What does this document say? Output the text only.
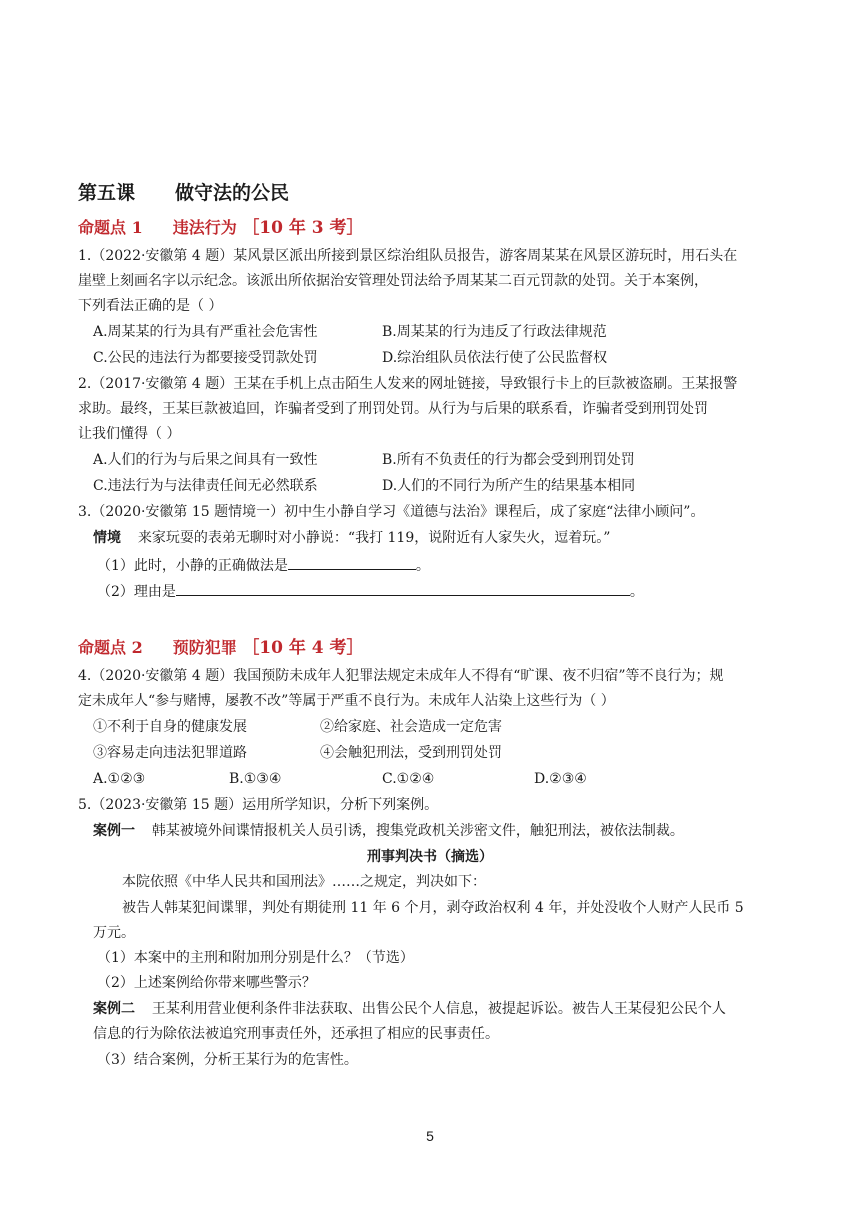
第五课 做守法的公民
命题点 1 违法行为 ［10 年 3 考］
1.（2022·安徽第 4 题）某风景区派出所接到景区综治组队员报告，游客周某某在风景区游玩时，用石头在
崖壁上刻画名字以示纪念。该派出所依据治安管理处罚法给予周某某二百元罚款的处罚。关于本案例，
下列看法正确的是（ ）
A.周某某的行为具有严重社会危害性	B.周某某的行为违反了行政法律规范
C.公民的违法行为都要接受罚款处罚	D.综治组队员依法行使了公民监督权
2.（2017·安徽第 4 题）王某在手机上点击陌生人发来的网址链接，导致银行卡上的巨款被盗刷。王某报警
求助。最终，王某巨款被追回，诈骗者受到了刑罚处罚。从行为与后果的联系看，诈骗者受到刑罚处罚
让我们懂得（ ）
A.人们的行为与后果之间具有一致性	B.所有不负责任的行为都会受到刑罚处罚
C.违法行为与法律责任间无必然联系	D.人们的不同行为所产生的结果基本相同
3.（2020·安徽第 15 题情境一）初中生小静自学习《道德与法治》课程后，成了家庭“法律小顾问”。
情境 来家玩耍的表弟无聊时对小静说：“我打 119，说附近有人家失火，逗着玩。”
（1）此时，小静的正确做法是	。
（2）理由是	。
命题点 2 预防犯罪 ［10 年 4 考］
4.（2020·安徽第 4 题）我国预防未成年人犯罪法规定未成年人不得有“旷课、夜不归宿”等不良行为；规
定未成年人“参与赌博，屡教不改”等属于严重不良行为。未成年人沾染上这些行为（ ）
①不利于自身的健康发展	②给家庭、社会造成一定危害
③容易走向违法犯罪道路	④会触犯刑法，受到刑罚处罚
A.①②③	B.①③④	C.①②④	D.②③④
5.（2023·安徽第 15 题）运用所学知识，分析下列案例。
案例一 韩某被境外间谍情报机关人员引诱，搜集党政机关涉密文件，触犯刑法，被依法制裁。
刑事判决书（摘选）
本院依照《中华人民共和国刑法》……之规定，判决如下：
被告人韩某犯间谍罪，判处有期徒刑 11 年 6 个月，剥夺政治权利 4 年，并处没收个人财产人民币 5
万元。
（1）本案中的主刑和附加刑分别是什么？（节选）
（2）上述案例给你带来哪些警示？
案例二 王某利用营业便利条件非法获取、出售公民个人信息，被提起诉讼。被告人王某侵犯公民个人
信息的行为除依法被追究刑事责任外，还承担了相应的民事责任。
（3）结合案例，分析王某行为的危害性。
5
